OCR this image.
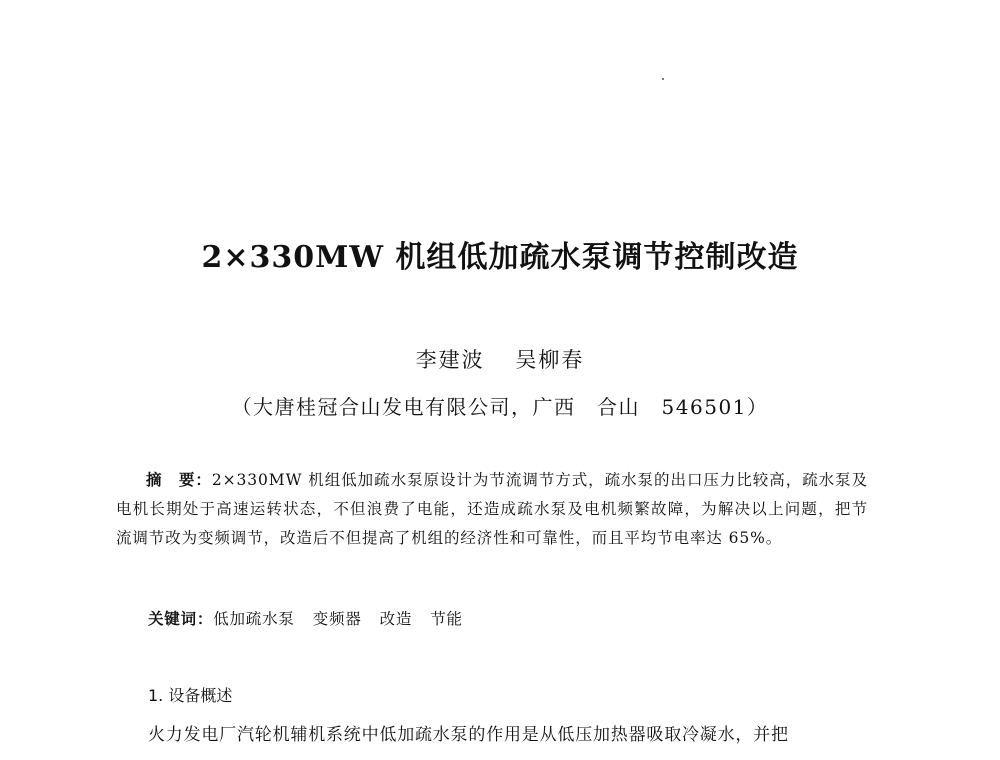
2×330MW 机组低加疏水泵调节控制改造
李建波 吴柳春
（大唐桂冠合山发电有限公司，广西　合山　546501）
摘　要：2×330MW 机组低加疏水泵原设计为节流调节方式，疏水泵的出口压力比较高，疏水泵及电机长期处于高速运转状态，不但浪费了电能，还造成疏水泵及电机频繁故障，为解决以上问题，把节流调节改为变频调节，改造后不但提高了机组的经济性和可靠性，而且平均节电率达 65%。
关键词：低加疏水泵 变频器 改造 节能
1. 设备概述
火力发电厂汽轮机辅机系统中低加疏水泵的作用是从低压加热器吸取冷凝水，并把
